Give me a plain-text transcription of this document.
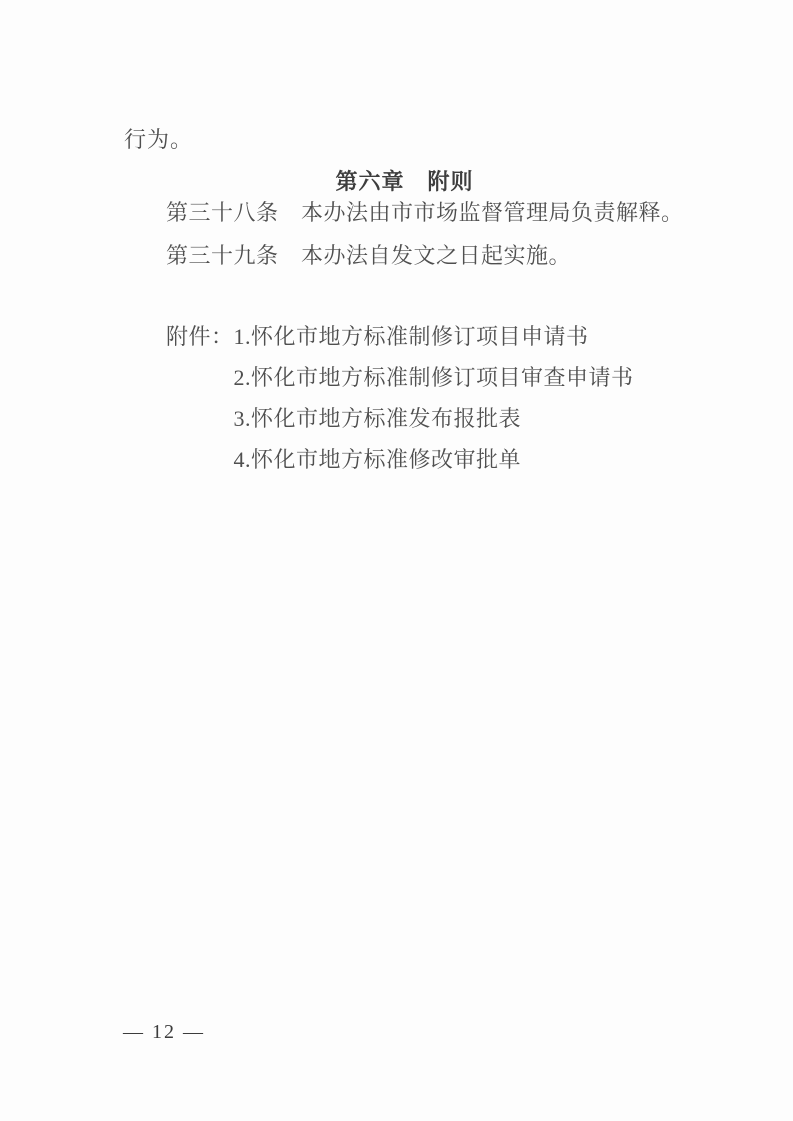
行为。

第六章　附则

第三十八条　本办法由市市场监督管理局负责解释。

第三十九条　本办法自发文之日起实施。

附件： 1.怀化市地方标准制修订项目申请书
2.怀化市地方标准制修订项目审查申请书
3.怀化市地方标准发布报批表
4.怀化市地方标准修改审批单
— 12 —
